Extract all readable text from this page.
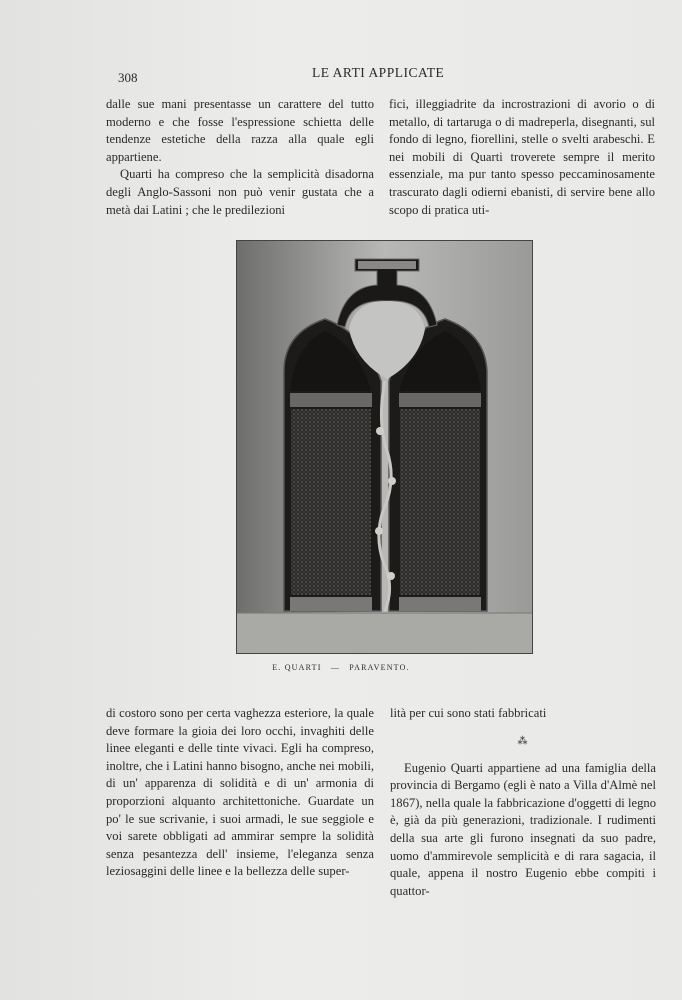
308	LE ARTI APPLICATE

dalle sue mani presentasse un carattere del tutto moderno e che fosse l'espressione schietta delle tendenze estetiche della razza alla quale egli appartiene.

Quarti ha compreso che la semplicità disadorna degli Anglo-Sassoni non può venir gustata che a metà dai Latini ; che le predilezioni

fici, illeggiadrite da incrostrazioni di avorio o di metallo, di tartaruga o di madreperla, disegnanti, sul fondo di legno, fiorellini, stelle o svelti arabeschi. E nei mobili di Quarti troverete sempre il merito essenziale, ma pur tanto spesso peccaminosamente trascurato dagli odierni ebanisti, di servire bene allo scopo di pratica uti-

E. QUARTI — PARAVENTO.

di costoro sono per certa vaghezza esteriore, la quale deve formare la gioia dei loro occhi, invaghiti delle linee eleganti e delle tinte vivaci. Egli ha compreso, inoltre, che i Latini hanno bisogno, anche nei mobili, di un' apparenza di solidità e di un' armonia di proporzioni alquanto architettoniche. Guardate un po' le sue scrivanie, i suoi armadi, le sue seggiole e voi sarete obbligati ad ammirar sempre la solidità senza pesantezza dell' insieme, l'eleganza senza leziosaggini delle linee e la bellezza delle super-

lità per cui sono stati fabbricati

⁂

Eugenio Quarti appartiene ad una famiglia della provincia di Bergamo (egli è nato a Villa d'Almè nel 1867), nella quale la fabbricazione d'oggetti di legno è, già da più generazioni, tradizionale. I rudimenti della sua arte gli furono insegnati da suo padre, uomo d'ammirevole semplicità e di rara sagacia, il quale, appena il nostro Eugenio ebbe compiti i quattor-
